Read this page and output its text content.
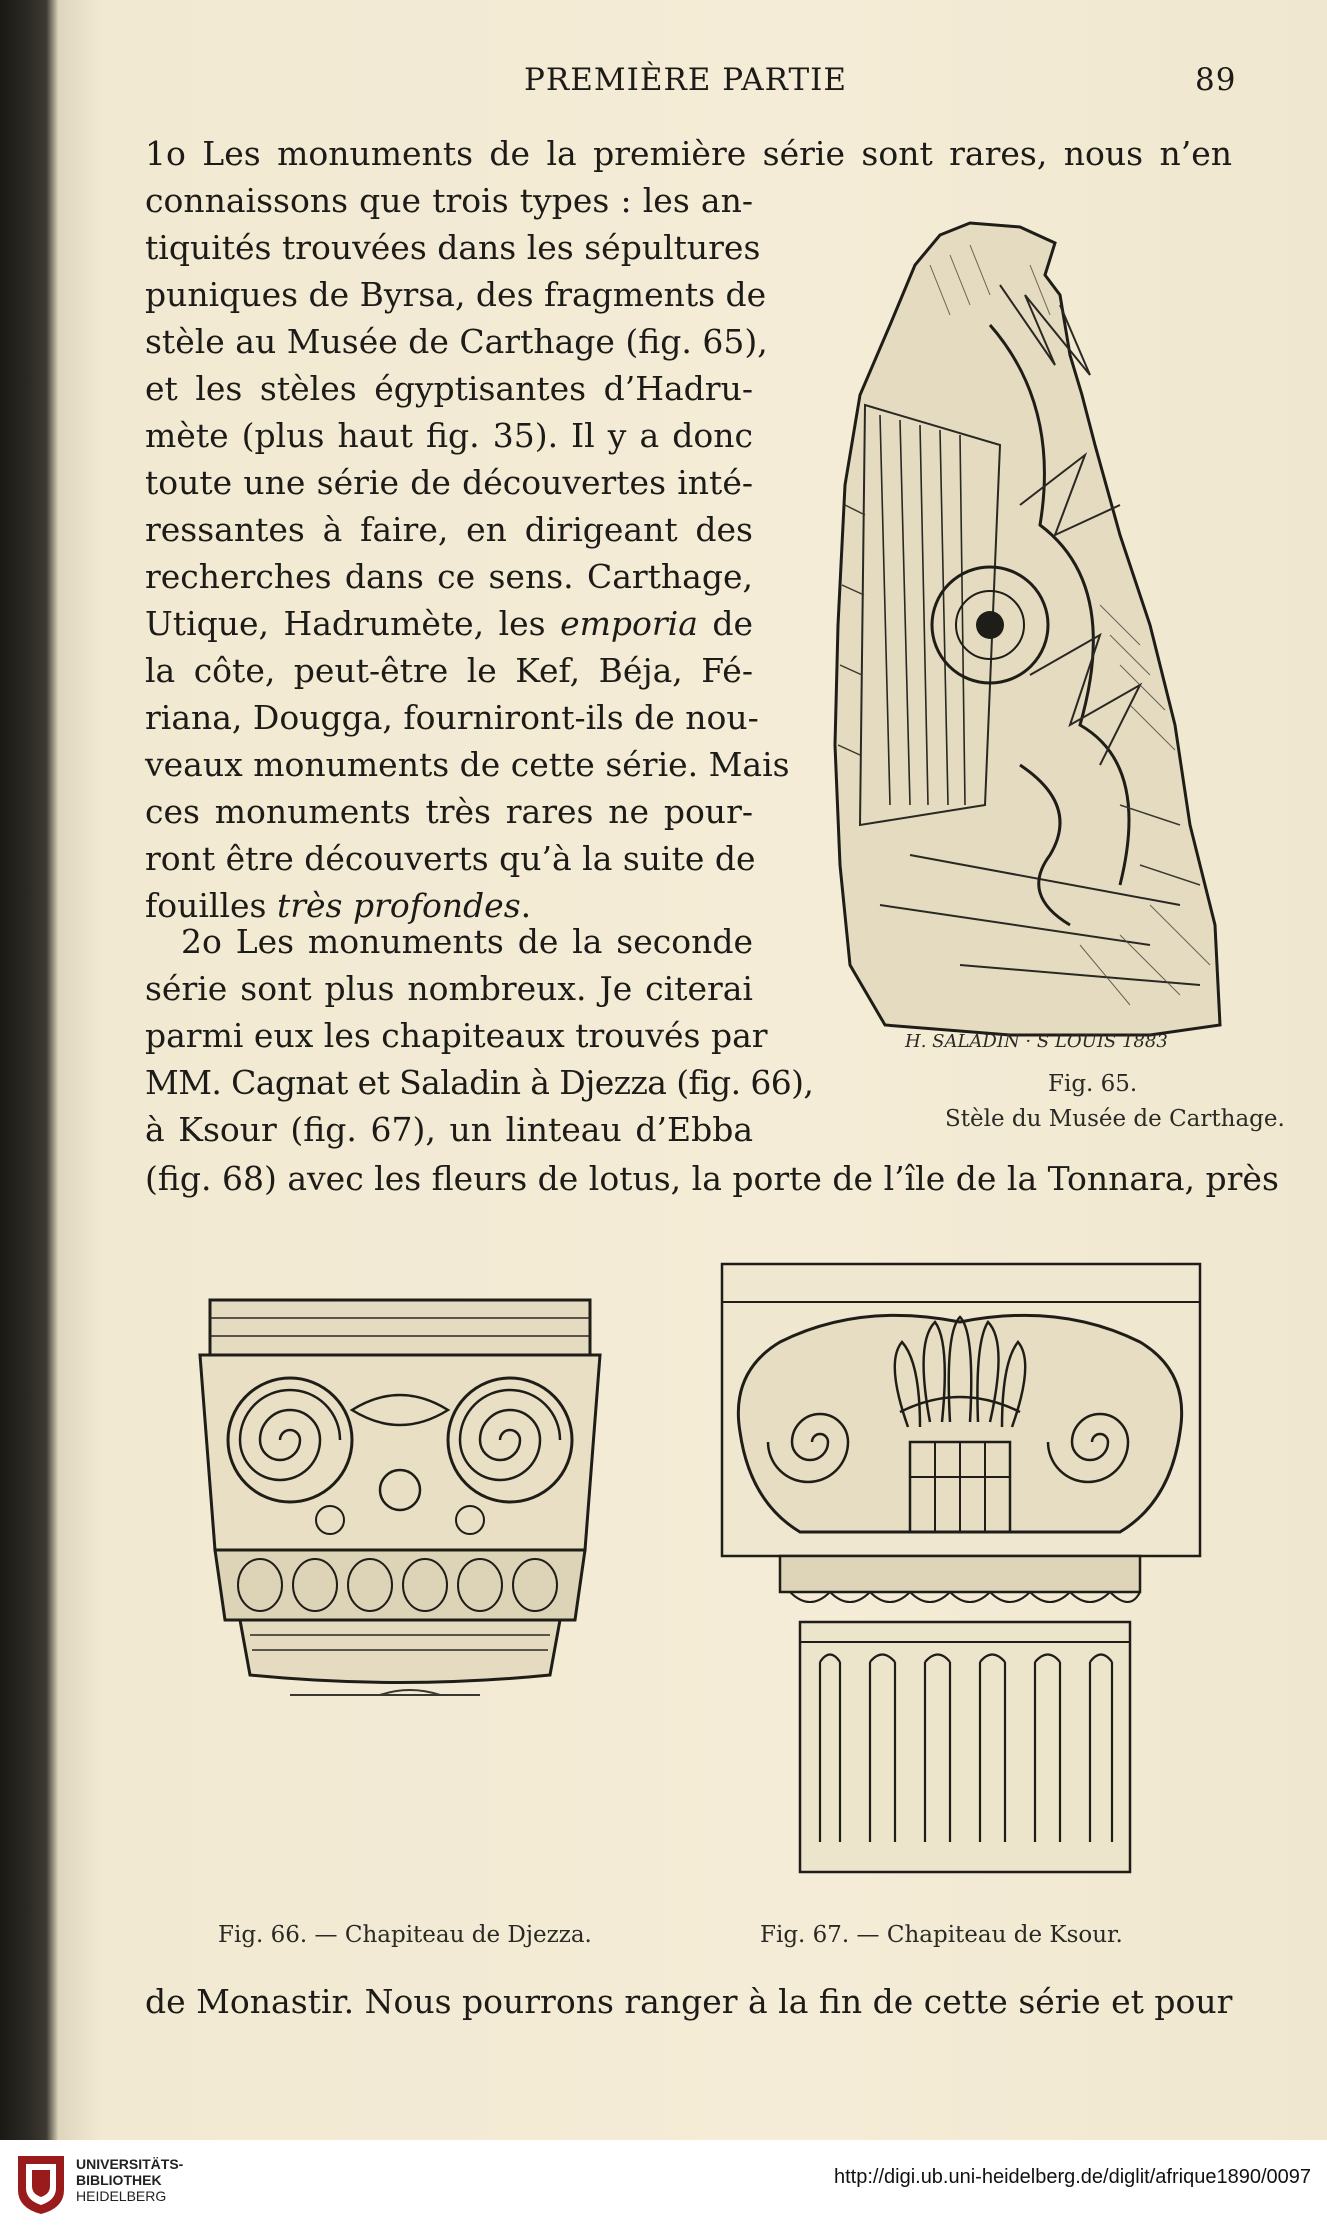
PREMIÈRE PARTIE	89
1o Les monuments de la première série sont rares, nous n’en
connaissons que trois types : les an-
tiquités trouvées dans les sépultures
puniques de Byrsa, des fragments de
stèle au Musée de Carthage (fig. 65),
et les stèles égyptisantes d’Hadru-
mète (plus haut fig. 35). Il y a donc
toute une série de découvertes inté-
ressantes à faire, en dirigeant des
recherches dans ce sens. Carthage,
Utique, Hadrumète, les emporia de
la côte, peut-être le Kef, Béja, Fé-
riana, Dougga, fourniront-ils de nou-
veaux monuments de cette série. Mais
ces monuments très rares ne pour-
ront être découverts qu’à la suite de
fouilles très profondes.
2o Les monuments de la seconde
série sont plus nombreux. Je citerai
parmi eux les chapiteaux trouvés par
MM. Cagnat et Saladin à Djezza (fig. 66),
à Ksour (fig. 67), un linteau d’Ebba
(fig. 68) avec les fleurs de lotus, la porte de l’île de la Tonnara, près
H. SALADIN · S LOUIS 1883
Fig. 65.
Stèle du Musée de Carthage.
Fig. 66. — Chapiteau de Djezza.	Fig. 67. — Chapiteau de Ksour.
de Monastir. Nous pourrons ranger à la fin de cette série et pour
UNIVERSITÄTS-
BIBLIOTHEK
HEIDELBERG
http://digi.ub.uni-heidelberg.de/diglit/afrique1890/0097
